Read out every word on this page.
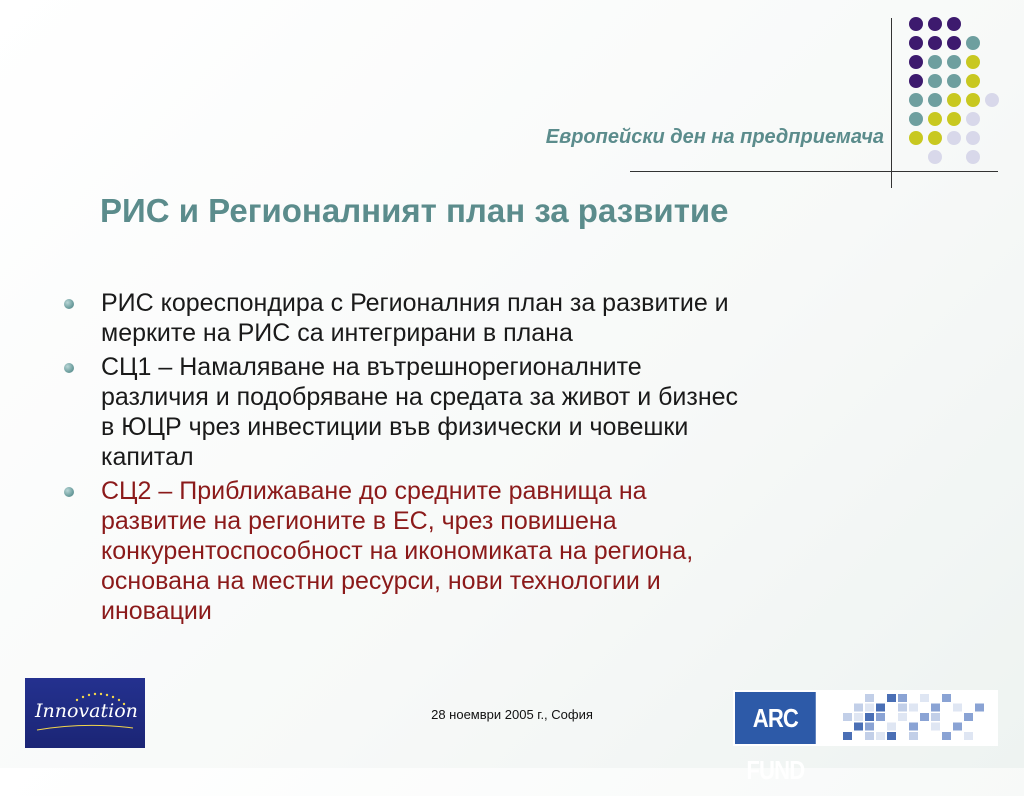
Европейски ден на предприемача
РИС и Регионалният план за развитие
РИС кореспондира с Регионалния план за развитие и
мерките на РИС са интегрирани в плана
СЦ1 – Намаляване на вътрешнорегионалните
различия и подобряване на средата за живот и бизнес
в ЮЦР чрез инвестиции във физически и човешки
капитал
СЦ2 – Приближаване до средните равнища на
развитие на регионите в ЕС, чрез повишена
конкурентоспособност на икономиката на региона,
основана на местни ресурси, нови технологии и
иновации
Innovation	28 ноември 2005 г., София	ARC FUND
